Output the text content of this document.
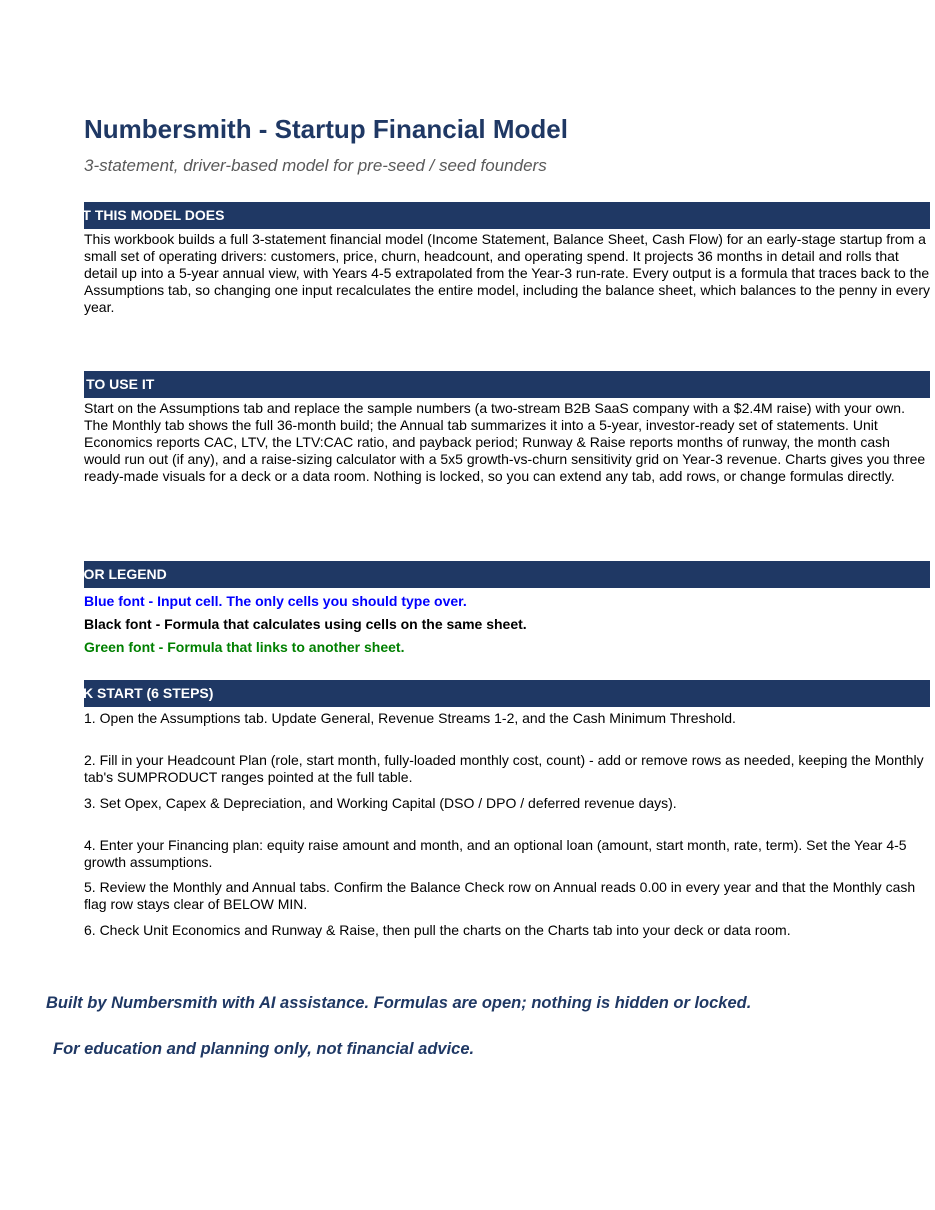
Numbersmith - Startup Financial Model
3-statement, driver-based model for pre-seed / seed founders
WHAT THIS MODEL DOES
This workbook builds a full 3-statement financial model (Income Statement, Balance Sheet, Cash Flow) for an early-stage startup from a small set of operating drivers: customers, price, churn, headcount, and operating spend. It projects 36 months in detail and rolls that detail up into a 5-year annual view, with Years 4-5 extrapolated from the Year-3 run-rate. Every output is a formula that traces back to the Assumptions tab, so changing one input recalculates the entire model, including the balance sheet, which balances to the penny in every year.
HOW TO USE IT
Start on the Assumptions tab and replace the sample numbers (a two-stream B2B SaaS company with a $2.4M raise) with your own. The Monthly tab shows the full 36-month build; the Annual tab summarizes it into a 5-year, investor-ready set of statements. Unit Economics reports CAC, LTV, the LTV:CAC ratio, and payback period; Runway & Raise reports months of runway, the month cash would run out (if any), and a raise-sizing calculator with a 5x5 growth-vs-churn sensitivity grid on Year-3 revenue. Charts gives you three ready-made visuals for a deck or a data room. Nothing is locked, so you can extend any tab, add rows, or change formulas directly.
COLOR LEGEND
Blue font - Input cell. The only cells you should type over.
Black font - Formula that calculates using cells on the same sheet.
Green font - Formula that links to another sheet.
QUICK START (6 STEPS)
1. Open the Assumptions tab. Update General, Revenue Streams 1-2, and the Cash Minimum Threshold.
2. Fill in your Headcount Plan (role, start month, fully-loaded monthly cost, count) - add or remove rows as needed, keeping the Monthly tab's SUMPRODUCT ranges pointed at the full table.
3. Set Opex, Capex & Depreciation, and Working Capital (DSO / DPO / deferred revenue days).
4. Enter your Financing plan: equity raise amount and month, and an optional loan (amount, start month, rate, term). Set the Year 4-5 growth assumptions.
5. Review the Monthly and Annual tabs. Confirm the Balance Check row on Annual reads 0.00 in every year and that the Monthly cash flag row stays clear of BELOW MIN.
6. Check Unit Economics and Runway & Raise, then pull the charts on the Charts tab into your deck or data room.
Built by Numbersmith with AI assistance. Formulas are open; nothing is hidden or locked.
For education and planning only, not financial advice.
